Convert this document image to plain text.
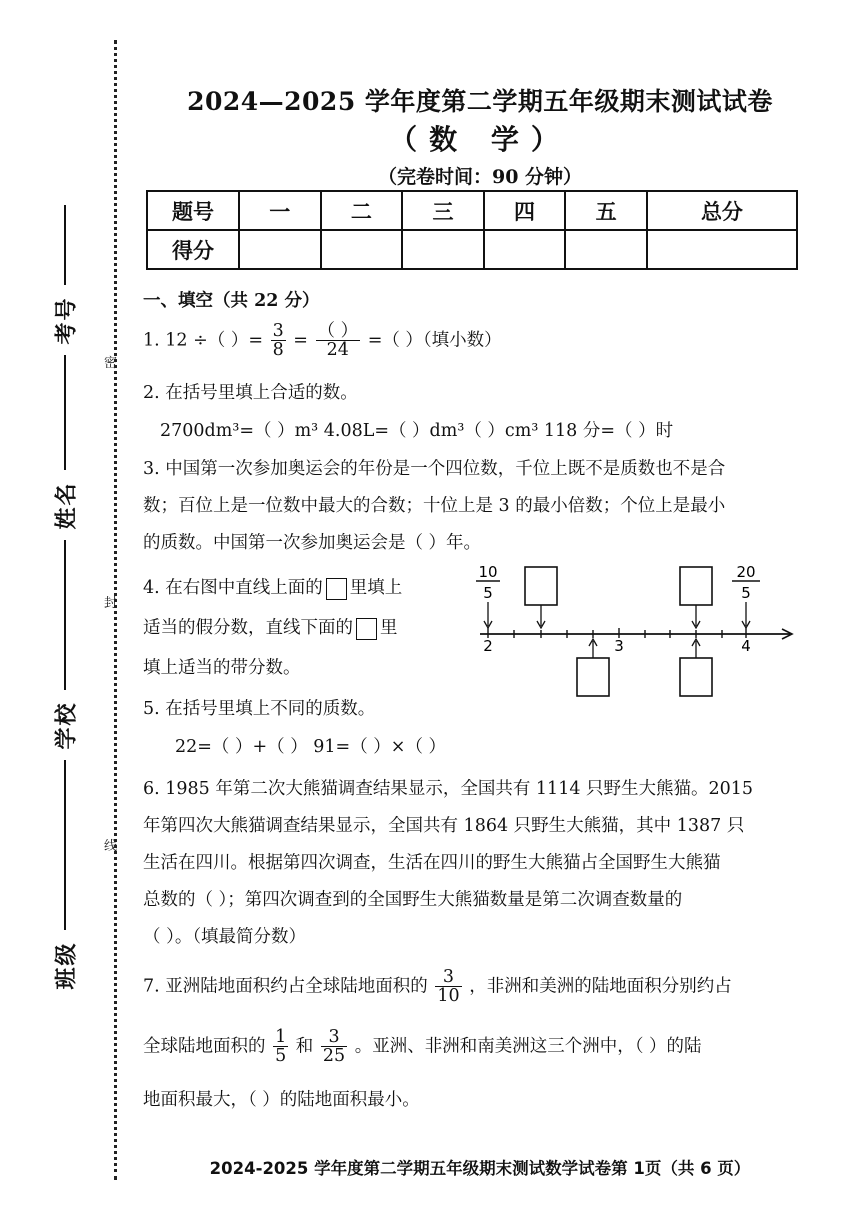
密
封
线
考号
姓名
学校
班级
2024—2025 学年度第二学期五年级期末测试试卷
（数 学）
（完卷时间：90 分钟）
题号	一	二	三	四	五	总分
得分						
一、填空（共 22 分）
1. 12 ÷（ ）= $\frac{3}{8} = \frac{( )}{24}$ =（ ）（填小数）
2. 在括号里填上合适的数。
2700dm³=（ ）m³ 4.08L=（ ）dm³（ ）cm³ 118 分=（ ）时
3. 中国第一次参加奥运会的年份是一个四位数，千位上既不是质数也不是合
数；百位上是一位数中最大的合数；十位上是 3 的最小倍数；个位上是最小
的质数。中国第一次参加奥运会是（ ）年。
4. 在右图中直线上面的 里填上
适当的假分数，直线下面的 里
填上适当的带分数。
10
5
20
5
2	3	4
5. 在括号里填上不同的质数。
22=（ ）+（ ） 91=（ ）×（ ）
6. 1985 年第二次大熊猫调查结果显示，全国共有 1114 只野生大熊猫。2015
年第四次大熊猫调查结果显示，全国共有 1864 只野生大熊猫，其中 1387 只
生活在四川。根据第四次调查，生活在四川的野生大熊猫占全国野生大熊猫
总数的（ ）；第四次调查到的全国野生大熊猫数量是第二次调查数量的
（ ）。（填最简分数）
7. 亚洲陆地面积约占全球陆地面积的 $\frac{3}{10}$ ，非洲和美洲的陆地面积分别约占
全球陆地面积的 $\frac{1}{5}$ 和 $\frac{3}{25}$ 。亚洲、非洲和南美洲这三个洲中，（ ）的陆
地面积最大，（ ）的陆地面积最小。
2024-2025 学年度第二学期五年级期末测试数学试卷第 1页（共 6 页）
